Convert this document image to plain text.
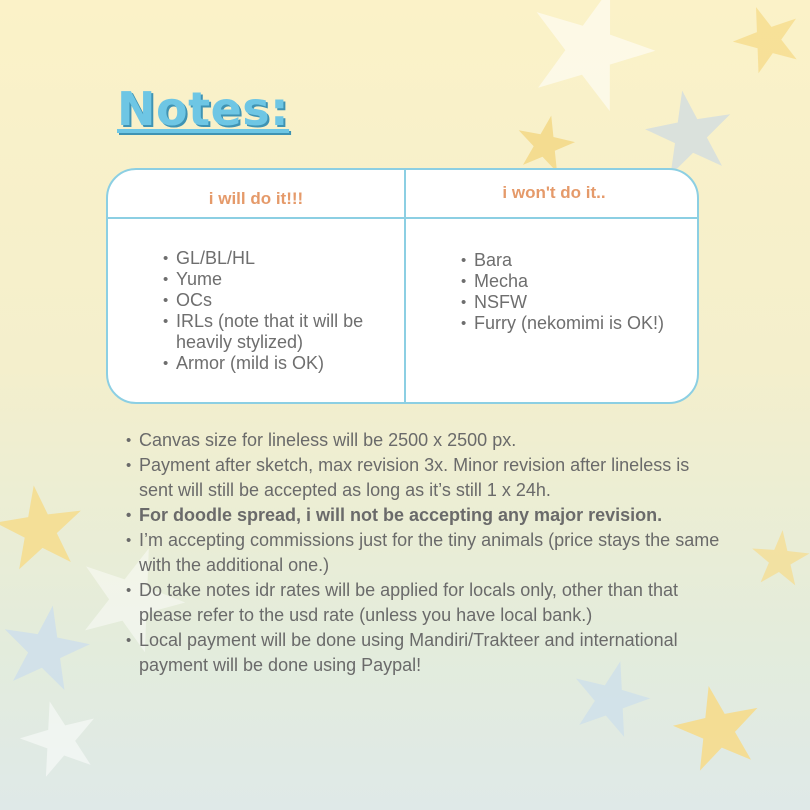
Notes:
i will do it!!!	i won't do it..
• GL/BL/HL
• Yume
• OCs
• IRLs (note that it will be heavily stylized)
• Armor (mild is OK)
• Bara
• Mecha
• NSFW
• Furry (nekomimi is OK!)
• Canvas size for lineless will be 2500 x 2500 px.
• Payment after sketch, max revision 3x. Minor revision after lineless is sent will still be accepted as long as it’s still 1 x 24h.
• For doodle spread, i will not be accepting any major revision.
• I’m accepting commissions just for the tiny animals (price stays the same with the additional one.)
• Do take notes idr rates will be applied for locals only, other than that please refer to the usd rate (unless you have local bank.)
• Local payment will be done using Mandiri/Trakteer and international payment will be done using Paypal!
